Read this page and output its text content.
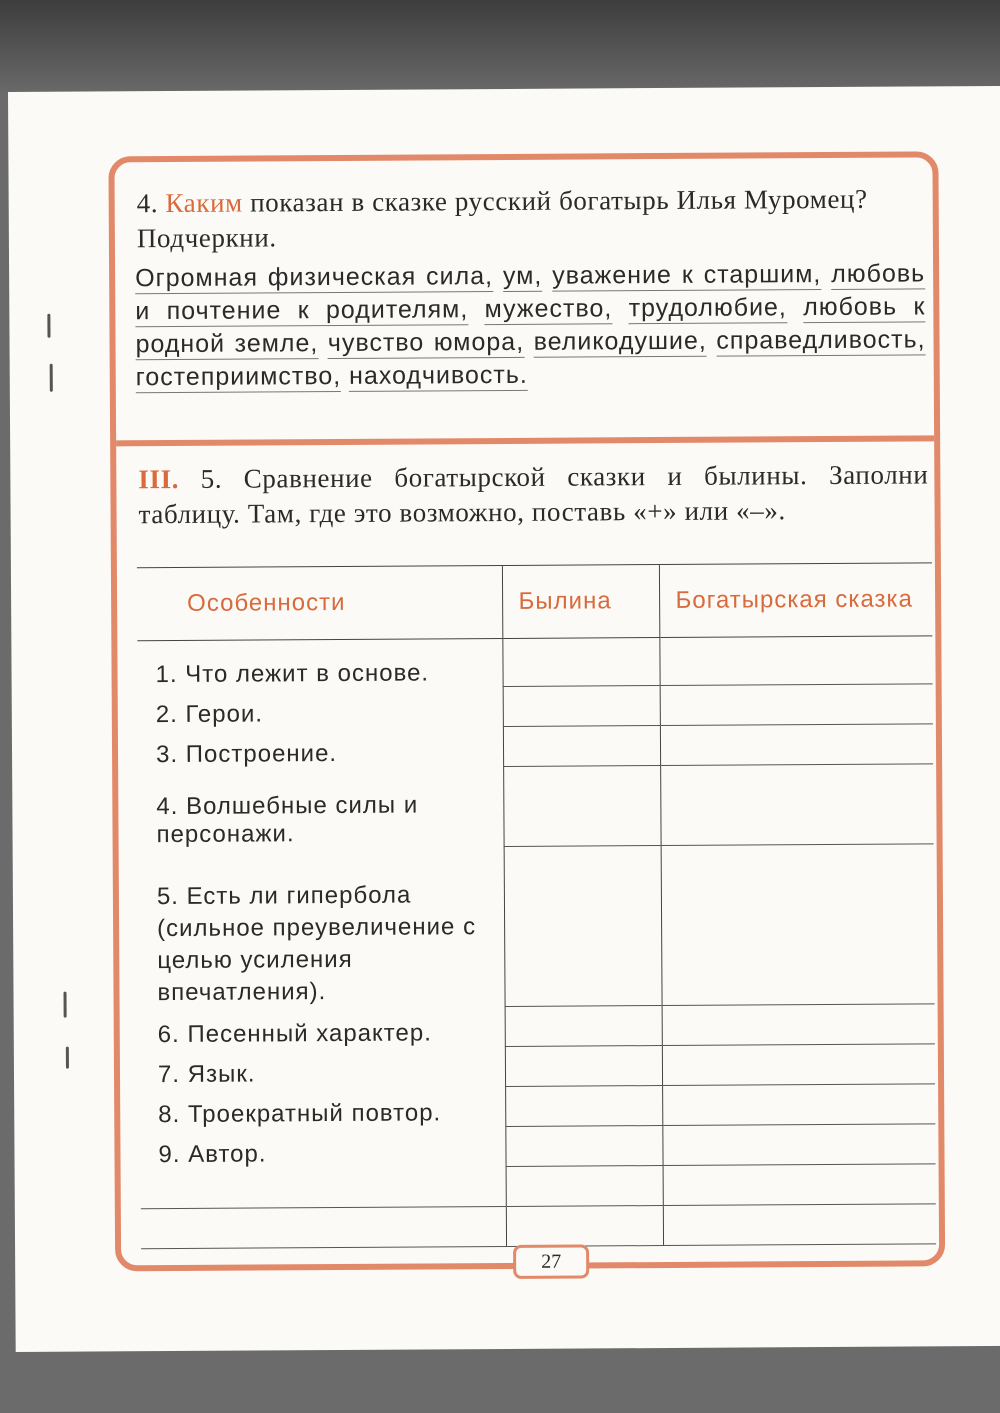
4. Каким показан в сказке русский богатырь Илья Муромец? Подчеркни.
Огромная физическая сила, ум, уважение к старшим, любовь и почтение к родителям, мужество, трудолюбие, любовь к родной земле, чувство юмора, великодушие, справедливость, гостеприимство, находчивость.
III. 5. Сравнение богатырской сказки и былины. Заполни таблицу. Там, где это возможно, поставь «+» или «–».
Особенности	Былина	Богатырская сказка
1. Что лежит в основе.		
2. Герои.		
3. Построение.		
4. Волшебные силы и персонажи.		
5. Есть ли гипербола (сильное преувеличение с целью усиления впечатления).		
6. Песенный характер.		
7. Язык.		
8. Троекратный повтор.		
9. Автор.		

27
